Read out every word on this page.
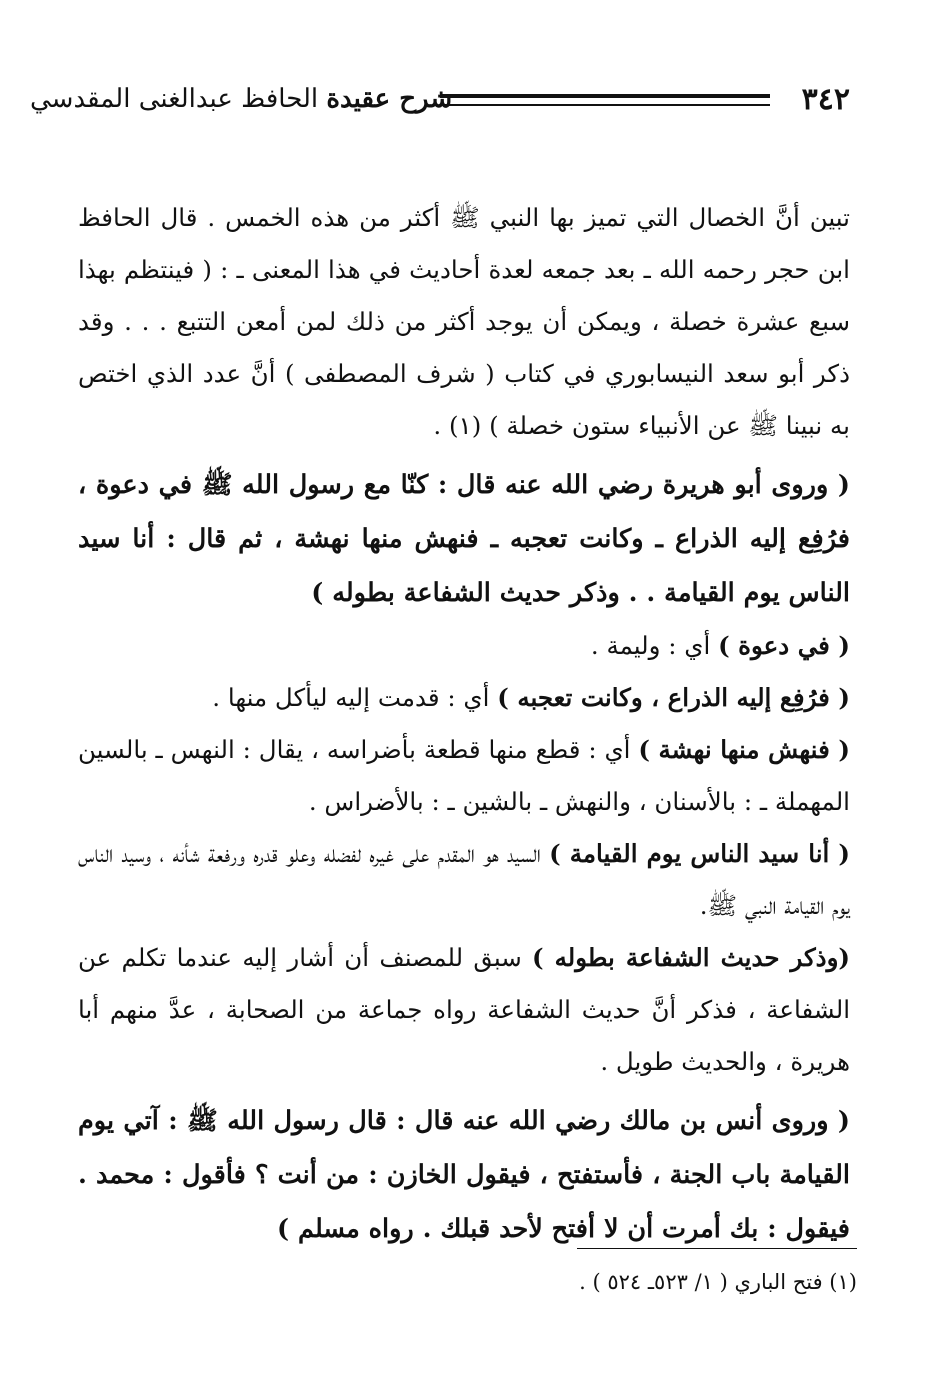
٣٤٢
شرح عقيدة الحافظ عبدالغنى المقدسي

تبين أنَّ الخصال التي تميز بها النبي ﷺ أكثر من هذه الخمس . قال الحافظ ابن حجر رحمه الله ـ بعد جمعه لعدة أحاديث في هذا المعنى ـ : ( فينتظم بهذا سبع عشرة خصلة ، ويمكن أن يوجد أكثر من ذلك لمن أمعن التتبع . . . وقد ذكر أبو سعد النيسابوري في كتاب ( شرف المصطفى ) أنَّ عدد الذي اختص به نبينا ﷺ عن الأنبياء ستون خصلة ) (١) .

( وروى أبو هريرة رضي الله عنه قال : كنّا مع رسول الله ﷺ في دعوة ، فرُفِع إليه الذراع ـ وكانت تعجبه ـ فنهش منها نهشة ، ثم قال : أنا سيد الناس يوم القيامة . . وذكر حديث الشفاعة بطوله )

( في دعوة ) أي : وليمة .

( فرُفِع إليه الذراع ، وكانت تعجبه ) أي : قدمت إليه ليأكل منها .

( فنهش منها نهشة ) أي : قطع منها قطعة بأضراسه ، يقال : النهس ـ بالسين المهملة ـ : بالأسنان ، والنهش ـ بالشين ـ : بالأضراس .

( أنا سيد الناس يوم القيامة ) السيد هو المقدم على غيره لفضله وعلو قدره ورفعة شأنه ، وسيد الناس يوم القيامة النبي ﷺ.

(وذكر حديث الشفاعة بطوله ) سبق للمصنف أن أشار إليه عندما تكلم عن الشفاعة ، فذكر أنَّ حديث الشفاعة رواه جماعة من الصحابة ، عدَّ منهم أبا هريرة ، والحديث طويل .

( وروى أنس بن مالك رضي الله عنه قال : قال رسول الله ﷺ : آتي يوم القيامة باب الجنة ، فأستفتح ، فيقول الخازن : من أنت ؟ فأقول : محمد . فيقول : بك أمرت أن لا أفتح لأحد قبلك . رواه مسلم )

(١) فتح الباري ( ١/ ٥٢٣ـ ٥٢٤ ) .
